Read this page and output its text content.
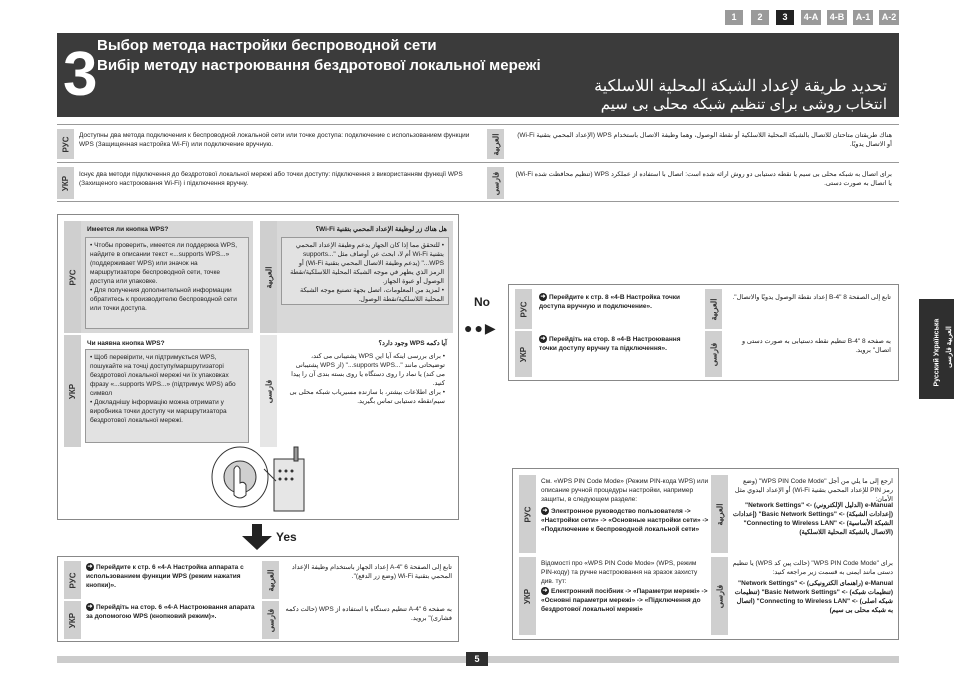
1	2	3	4-A	4-B	A-1	A-2
3 Выбор метода настройки беспроводной сети
Вибір методу настроювання бездротової локальної мережі
تحديد طريقة لإعداد الشبكة المحلية اللاسلكية
انتخاب روشی برای تنظیم شبکه محلی بی سیم
РУС
Доступны два метода подключения к беспроводной локальной сети или точке доступа: подключение с использованием функции WPS (Защищенная настройка Wi-Fi) или подключение вручную.	العربية	هناك طريقتان متاحتان للاتصال بالشبكة المحلية اللاسلكية أو نقطة الوصول، وهما وظيفة الاتصال باستخدام WPS (الإعداد المحمي بتقنية Wi-Fi) أو الاتصال يدويًا.
УКР
Існує два методи підключення до бездротової локальної мережі або точки доступу: підключення з використанням функції WPS (Захищеного настроювання Wi-Fi) і підключення вручну.	فارسی	برای اتصال به شبکه محلی بی سیم یا نقطه دستیابی دو روش ارائه شده است: اتصال با استفاده از عملکرد WPS (تنظیم محافظت شده Wi-Fi) یا اتصال به صورت دستی.
РУС
Имеется ли кнопка WPS?
• Чтобы проверить, имеется ли поддержка WPS, найдите в описании текст «...supports WPS...» (поддерживает WPS) или значок на маршрутизаторе беспроводной сети, точке доступа или упаковке.
• Для получения дополнительной информации обратитесь к производителю беспроводной сети или точки доступа.
العربية
هل هناك زر لوظيفة الإعداد المحمي بتقنية Wi-Fi؟
• للتحقق مما إذا كان الجهاز يدعم وظيفة الإعداد المحمي بتقنية Wi-Fi أم لا، ابحث عن أوصاف مثل "...supports WPS..." (يدعم وظيفة الاتصال المحمي بتقنية Wi-Fi) أو الرمز الذي يظهر في موجه الشبكة المحلية اللاسلكية/نقطة الوصول أو عبوة الجهاز.
• لمزيد من المعلومات، اتصل بجهة تصنيع موجه الشبكة المحلية اللاسلكية/نقطة الوصول.
УКР
Чи наявна кнопка WPS?
• Щоб перевірити, чи підтримується WPS, пошукайте на точці доступу/маршрутизаторі бездротової локальної мережі чи їх упаковках фразу «...supports WPS...» (підтримує WPS) або символ
• Докладнішу інформацію можна отримати у виробника точки доступу чи маршрутизатора бездротової локальної мережі.
فارسی
آیا دکمه WPS وجود دارد؟
• برای بررسی اینکه آیا این WPS پشتیبانی می کند، توضیحاتی مانند "...supports WPS..." (از WPS پشتیبانی می کند) یا نماد را روی دستگاه یا روی بسته بندی آن را پیدا کنید.
• برای اطلاعات بیشتر، با سازنده مسیریاب شبکه محلی بی سیم/نقطه دستیابی تماس بگیرید.
●●▶
No	РУС
➜ Перейдите к стр. 8 «4-B Настройка точки доступа вручную и подключение».	العربية
تابع إلى الصفحة 8 "4-B إعداد نقطة الوصول يدويًا والاتصال".
УКР
➜ Перейдіть на стор. 8 «4-B Настроювання точки доступу вручну та підключення».	فارسی
به صفحه 8 "4-B تنظیم نقطه دستیابی به صورت دستی و اتصال" بروید.
Yes
РУС
➜ Перейдите к стр. 6 «4-A Настройка аппарата с использованием функции WPS (режим нажатия кнопки)».	العربية
تابع إلى الصفحة 6 "4-A إعداد الجهاز باستخدام وظيفة الإعداد المحمي بتقنية Wi-Fi (وضع زر الدفع)".
УКР
➜ Перейдіть на стор. 6 «4-A Настроювання апарата за допомогою WPS (кнопковий режим)».	فارسی	به صفحه 6 "4-A تنظیم دستگاه با استفاده از WPS (حالت دکمه فشاری)" بروید.
РУС
См. «WPS PIN Code Mode» (Режим PIN-кода WPS) или описание ручной процедуры настройки, например защиты, в следующем разделе:
➜ Электронное руководство пользователя -> «Настройки сети» -> «Основные настройки сети» -> «Подключение к беспроводной локальной сети»
العربية
ارجع إلى ما يلي من أجل "WPS PIN Code Mode" (وضع رمز PIN للإعداد المحمي بتقنية Wi-Fi) أو الإعداد اليدوي مثل الأمان:
e-Manual (الدليل الإلكتروني) -> "Network Settings" (إعدادات الشبكة) -> "Basic Network Settings" (إعدادات الشبكة الأساسية) -> "Connecting to Wireless LAN" (الاتصال بالشبكة المحلية اللاسلكية)
УКР
Відомості про «WPS PIN Code Mode» (WPS, режим PIN-коду) та ручне настроювання на зразок захисту див. тут:
➜ Електронний посібник -> «Параметри мережі» -> «Основні параметри мережі» -> «Підключення до бездротової локальної мережі»
فارسی
برای "WPS PIN Code Mode" (حالت پین کد WPS) یا تنظیم دستی مانند ایمنی به قسمت زیر مراجعه کنید:
e-Manual (راهنمای الکترونیکی) -> "Network Settings" (تنظیمات شبکه) -> "Basic Network Settings" (تنظیمات شبکه اصلی) -> "Connecting to Wireless LAN" (اتصال به شبکه محلی بی سیم)
Русский Українська العربية فارسی
5
